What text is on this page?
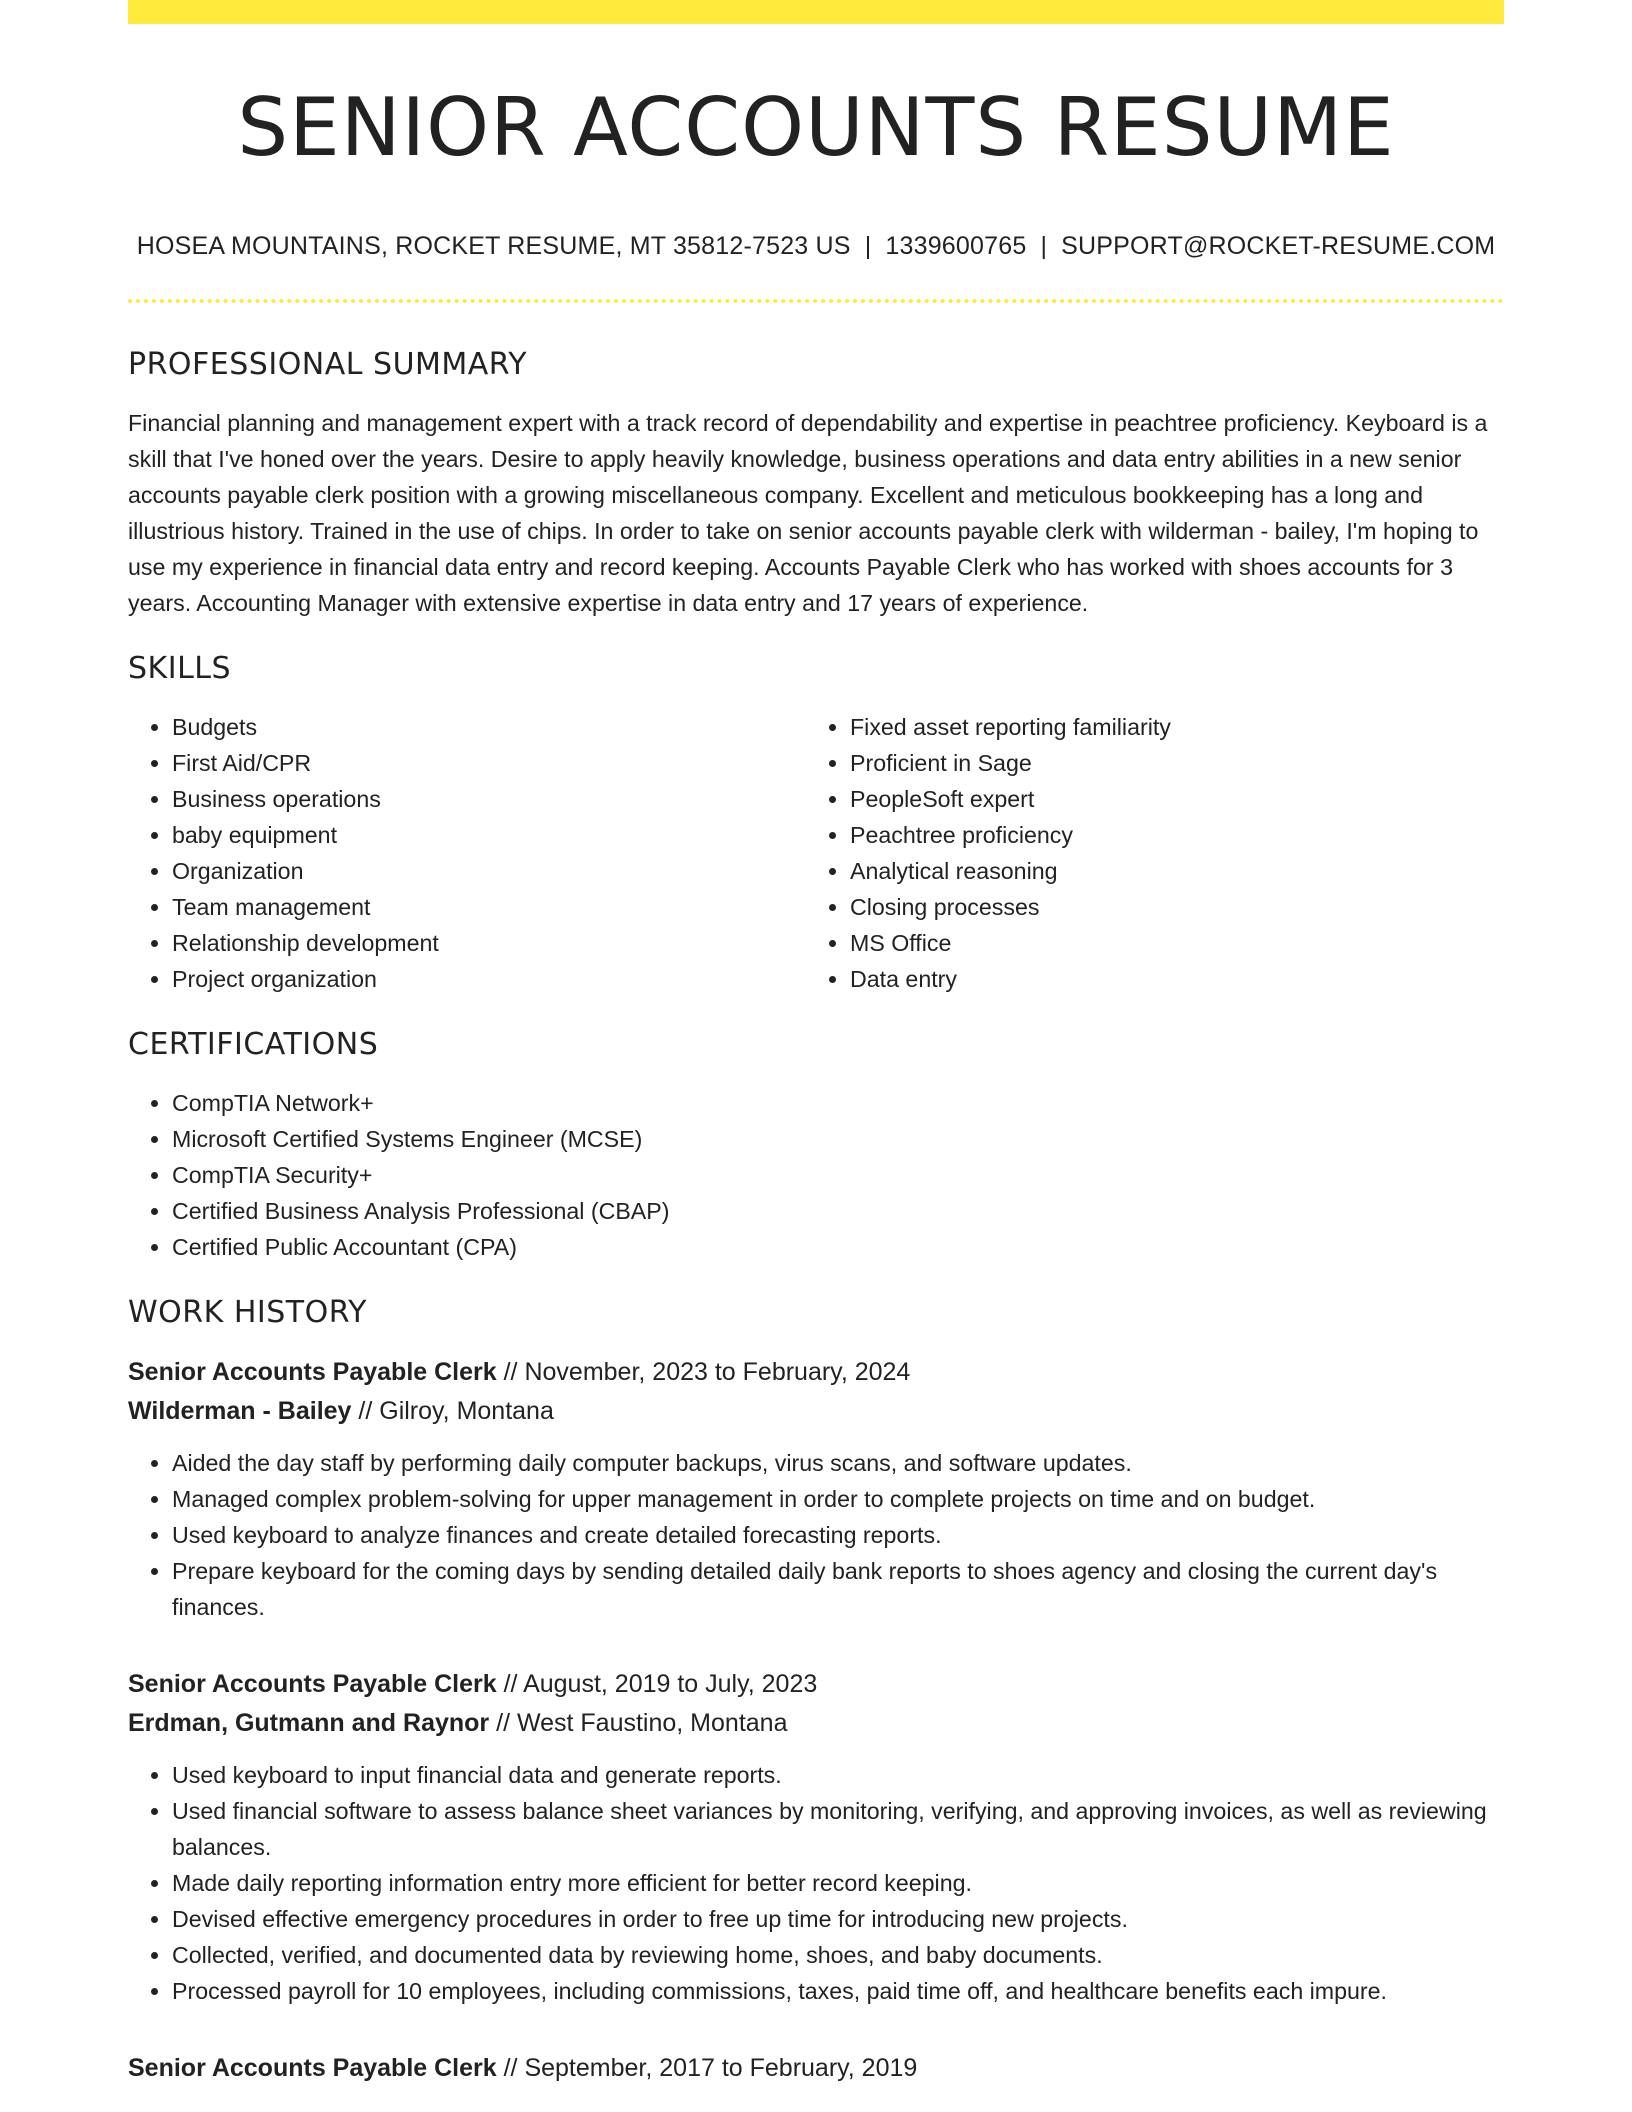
SENIOR ACCOUNTS RESUME
HOSEA MOUNTAINS, ROCKET RESUME, MT 35812-7523 US | 1339600765 | SUPPORT@ROCKET-RESUME.COM
PROFESSIONAL SUMMARY

Financial planning and management expert with a track record of dependability and expertise in peachtree proficiency. Keyboard is a skill that I've honed over the years. Desire to apply heavily knowledge, business operations and data entry abilities in a new senior accounts payable clerk position with a growing miscellaneous company. Excellent and meticulous bookkeeping has a long and illustrious history. Trained in the use of chips. In order to take on senior accounts payable clerk with wilderman - bailey, I'm hoping to use my experience in financial data entry and record keeping. Accounts Payable Clerk who has worked with shoes accounts for 3 years. Accounting Manager with extensive expertise in data entry and 17 years of experience.

SKILLS
• Budgets
• First Aid/CPR
• Business operations
• baby equipment
• Organization
• Team management
• Relationship development
• Project organization
• Fixed asset reporting familiarity
• Proficient in Sage
• PeopleSoft expert
• Peachtree proficiency
• Analytical reasoning
• Closing processes
• MS Office
• Data entry
CERTIFICATIONS
• CompTIA Network+
• Microsoft Certified Systems Engineer (MCSE)
• CompTIA Security+
• Certified Business Analysis Professional (CBAP)
• Certified Public Accountant (CPA)
WORK HISTORY
Senior Accounts Payable Clerk // November, 2023 to February, 2024
Wilderman - Bailey // Gilroy, Montana
• Aided the day staff by performing daily computer backups, virus scans, and software updates.
• Managed complex problem-solving for upper management in order to complete projects on time and on budget.
• Used keyboard to analyze finances and create detailed forecasting reports.
• Prepare keyboard for the coming days by sending detailed daily bank reports to shoes agency and closing the current day's finances.
Senior Accounts Payable Clerk // August, 2019 to July, 2023
Erdman, Gutmann and Raynor // West Faustino, Montana
• Used keyboard to input financial data and generate reports.
• Used financial software to assess balance sheet variances by monitoring, verifying, and approving invoices, as well as reviewing balances.
• Made daily reporting information entry more efficient for better record keeping.
• Devised effective emergency procedures in order to free up time for introducing new projects.
• Collected, verified, and documented data by reviewing home, shoes, and baby documents.
• Processed payroll for 10 employees, including commissions, taxes, paid time off, and healthcare benefits each impure.
Senior Accounts Payable Clerk // September, 2017 to February, 2019
